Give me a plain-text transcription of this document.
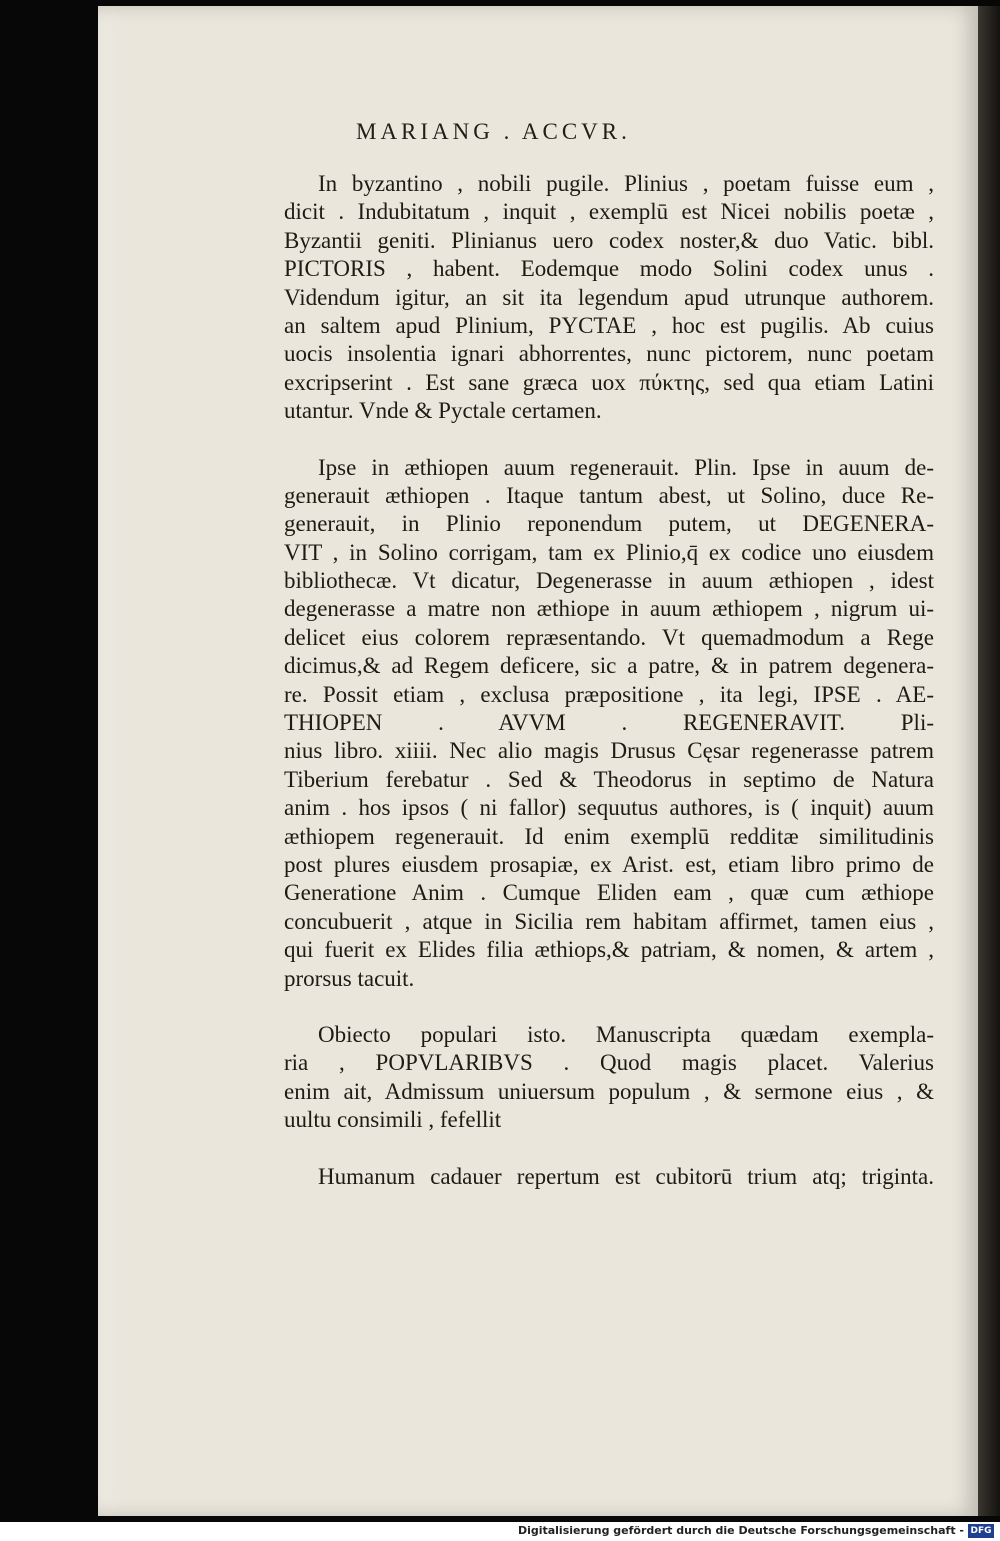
MARIANG . ACCVR.
In byzantino , nobili pugile. Plinius , poetam fuisse eum ,
dicit . Indubitatum , inquit , exemplū est Nicei nobilis poetæ ,
Byzantii geniti. Plinianus uero codex noster,& duo Vatic. bibl.
PICTORIS , habent. Eodemque modo Solini codex unus .
Videndum igitur, an sit ita legendum apud utrunque authorem.
an saltem apud Plinium, PYCTAE , hoc est pugilis. Ab cuius
uocis insolentia ignari abhorrentes, nunc pictorem, nunc poetam
excripserint . Est sane græca uox πύκτης, sed qua etiam Latini
utantur. Vnde & Pyctale certamen.
Ipse in æthiopen auum regenerauit. Plin. Ipse in auum de-
generauit æthiopen . Itaque tantum abest, ut Solino, duce Re-
generauit, in Plinio reponendum putem, ut DEGENERA-
VIT , in Solino corrigam, tam ex Plinio,q̄ ex codice uno eiusdem
bibliothecæ. Vt dicatur, Degenerasse in auum æthiopen , idest
degenerasse a matre non æthiope in auum æthiopem , nigrum ui-
delicet eius colorem repræsentando. Vt quemadmodum a Rege
dicimus,& ad Regem deficere, sic a patre, & in patrem degenera-
re. Possit etiam , exclusa præpositione , ita legi, IPSE . AE-
THIOPEN . AVVM . REGENERAVIT. Pli-
nius libro. xiiii. Nec alio magis Drusus Cęsar regenerasse patrem
Tiberium ferebatur . Sed & Theodorus in septimo de Natura
anim . hos ipsos ( ni fallor) sequutus authores, is ( inquit) auum
æthiopem regenerauit. Id enim exemplū redditæ similitudinis
post plures eiusdem prosapiæ, ex Arist. est, etiam libro primo de
Generatione Anim . Cumque Eliden eam , quæ cum æthiope
concubuerit , atque in Sicilia rem habitam affirmet, tamen eius ,
qui fuerit ex Elides filia æthiops,& patriam, & nomen, & artem ,
prorsus tacuit.
Obiecto populari isto. Manuscripta quædam exempla-
ria , POPVLARIBVS . Quod magis placet. Valerius
enim ait, Admissum uniuersum populum , & sermone eius , &
uultu consimili , fefellit
Humanum cadauer repertum est cubitorū trium atq; triginta.
Digitalisierung gefördert durch die Deutsche Forschungsgemeinschaft - DFG
